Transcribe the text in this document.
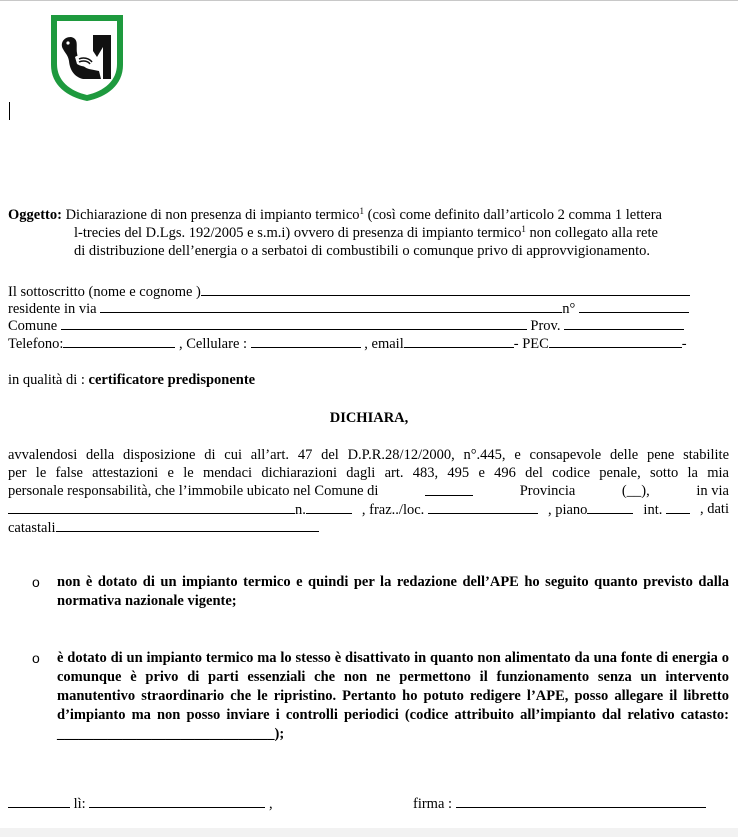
Oggetto: Dichiarazione di non presenza di impianto termico$^1$ (così come definito dall’articolo 2 comma 1 lettera
l-trecies del D.Lgs. 192/2005 e s.m.i) ovvero di presenza di impianto termico$^1$ non collegato alla rete
di distribuzione dell’energia o a serbatoi di combustibili o comunque privo di approvvigionamento.
Il sottoscritto (nome e cognome )
residente in via	n°
Comune	Prov.
Telefono:	, Cellulare :	, email	- PEC	-
in qualità di : certificatore predisponente
DICHIARA,
avvalendosi della disposizione di cui all’art. 47 del D.P.R.28/12/2000, n°.445, e consapevole delle pene stabilite
per le false attestazioni e le mendaci dichiarazioni dagli art. 483, 495 e 496 del codice penale, sotto la mia
personale responsabilità, che l’immobile ubicato nel Comune di	Provincia	(__),	in via
n.	, fraz../loc.	, piano	int.	, dati
catastali
o non è dotato di un impianto termico e quindi per la redazione dell’APE ho seguito quanto previsto dalla normativa nazionale vigente;
o è dotato di un impianto termico ma lo stesso è disattivato in quanto non alimentato da una fonte di energia o comunque è privo di parti essenziali che non ne permettono il funzionamento senza un intervento manutentivo straordinario che le ripristino. Pertanto ho potuto redigere l’APE, posso allegare il libretto d’impianto ma non posso inviare i controlli periodici (codice attribuito all’impianto dal relativo catasto: ______________________________);
lì:	,	firma :
